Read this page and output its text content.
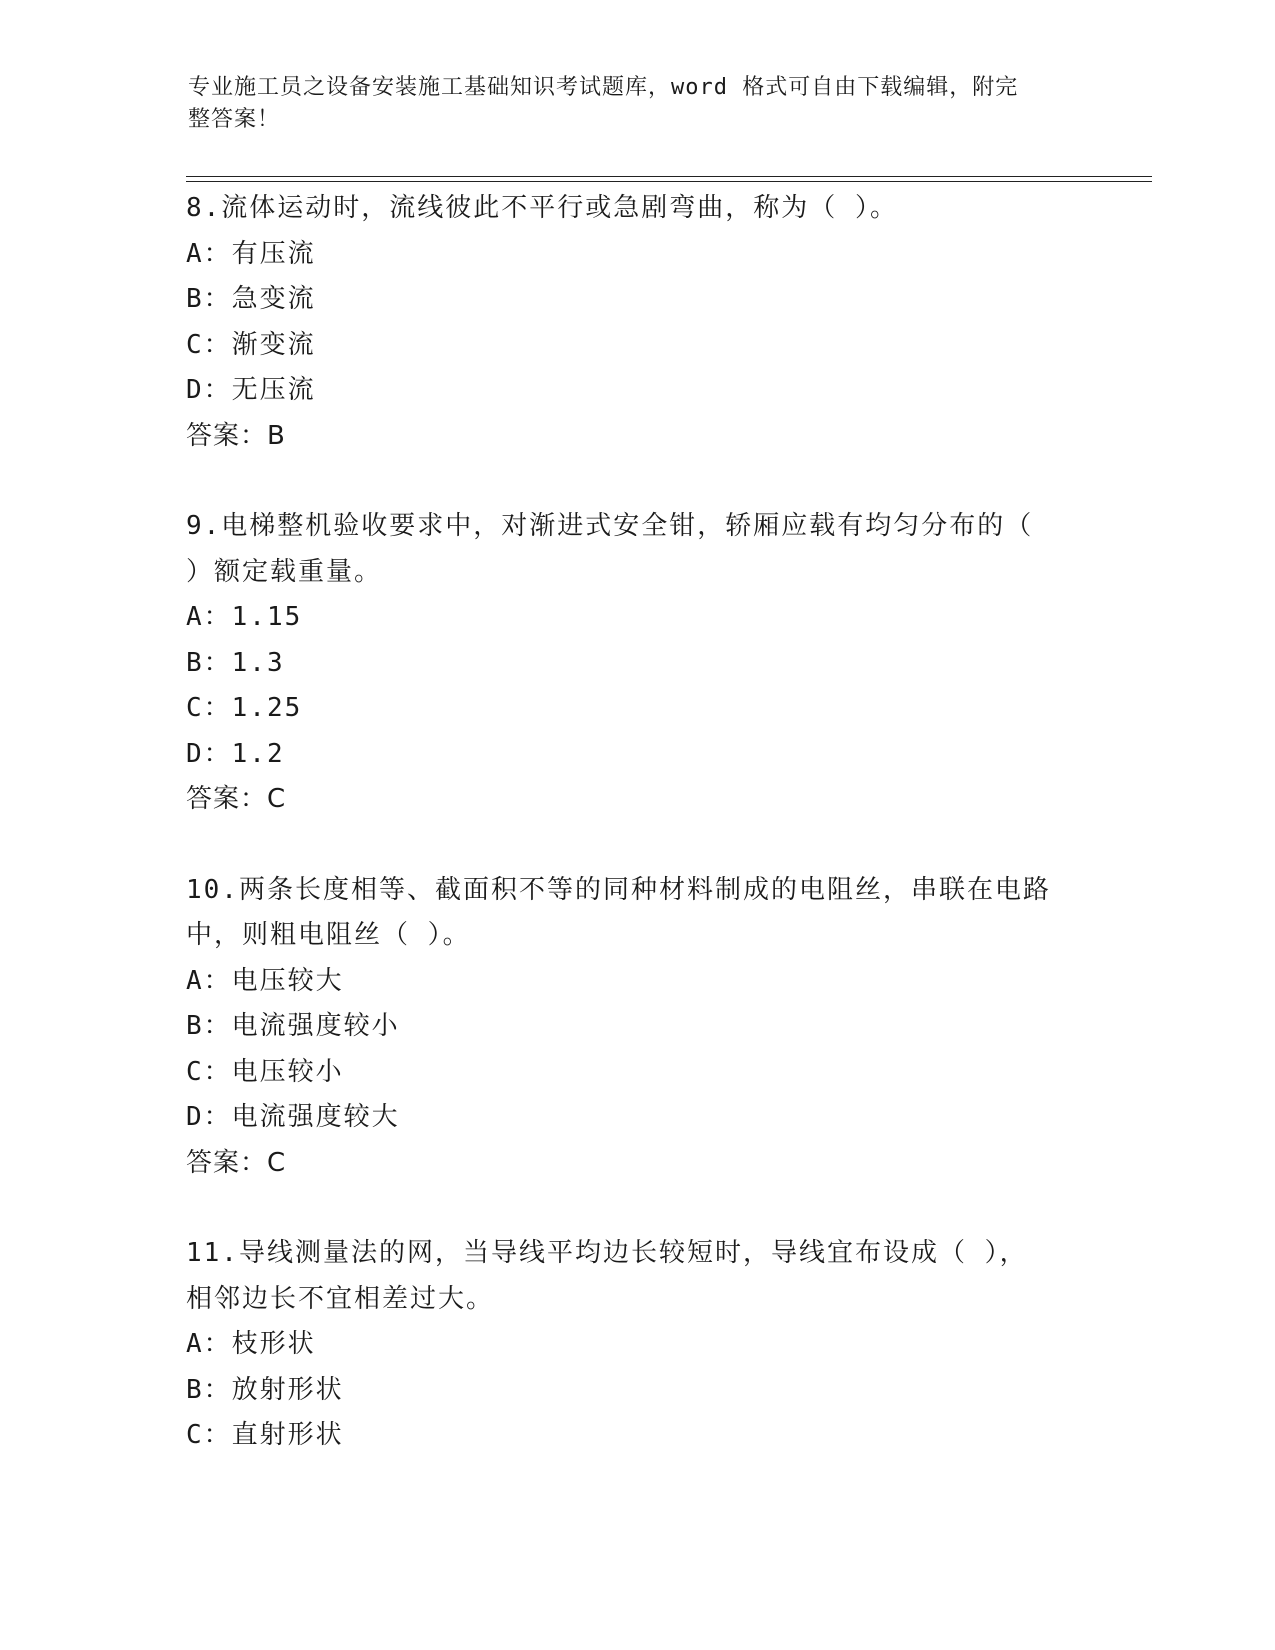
专业施工员之设备安装施工基础知识考试题库，word 格式可自由下载编辑，附完
整答案！
8.流体运动时，流线彼此不平行或急剧弯曲，称为（ ）。
A：有压流
B：急变流
C：渐变流
D：无压流
答案：B
9.电梯整机验收要求中，对渐进式安全钳，轿厢应载有均匀分布的（
）额定载重量。
A：1.15
B：1.3
C：1.25
D：1.2
答案：C
10.两条长度相等、截面积不等的同种材料制成的电阻丝，串联在电路
中，则粗电阻丝（ ）。
A：电压较大
B：电流强度较小
C：电压较小
D：电流强度较大
答案：C
11.导线测量法的网，当导线平均边长较短时，导线宜布设成（ ），
相邻边长不宜相差过大。
A：枝形状
B：放射形状
C：直射形状
